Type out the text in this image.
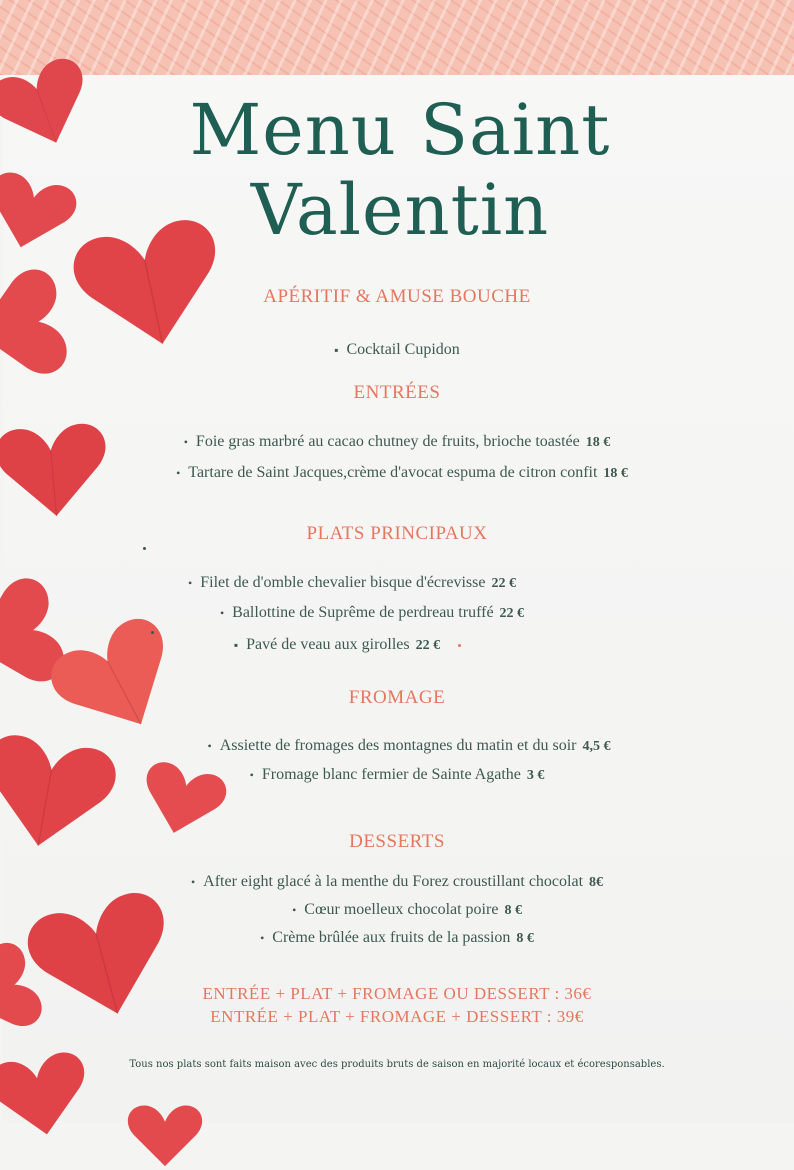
Menu Saint
Valentin
APÉRITIF & AMUSE BOUCHE
▪ Cocktail Cupidon
ENTRÉES
• Foie gras marbré au cacao chutney de fruits, brioche toastée 18 €
• Tartare de Saint Jacques,crème d'avocat espuma de citron confit 18 €
PLATS PRINCIPAUX
• Filet de d'omble chevalier bisque d'écrevisse 22 €
• Ballottine de Suprême de perdreau truffé 22 €
▪ Pavé de veau aux girolles 22 €
FROMAGE
• Assiette de fromages des montagnes du matin et du soir 4,5 €
• Fromage blanc fermier de Sainte Agathe 3 €
DESSERTS
• After eight glacé à la menthe du Forez croustillant chocolat 8€
• Cœur moelleux chocolat poire 8 €
• Crème brûlée aux fruits de la passion 8 €
ENTRÉE + PLAT + FROMAGE OU DESSERT : 36€
ENTRÉE + PLAT + FROMAGE + DESSERT : 39€
Tous nos plats sont faits maison avec des produits bruts de saison en majorité locaux et écoresponsables.
